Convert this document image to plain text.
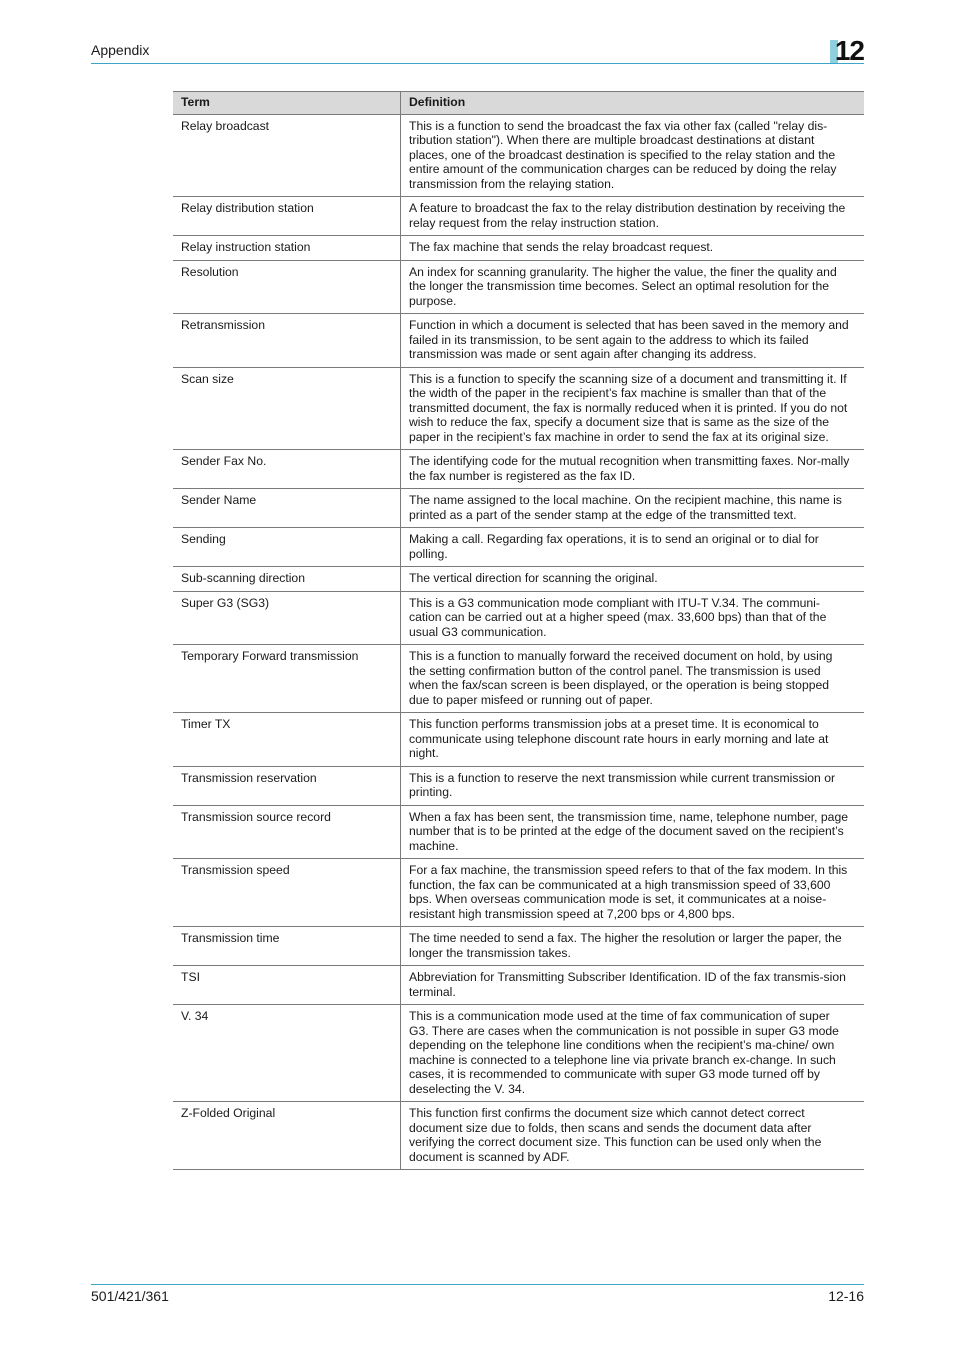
Appendix	12
Term	Definition
Relay broadcast	This is a function to send the broadcast the fax via other fax (called "relay dis-tribution station"). When there are multiple broadcast destinations at distant places, one of the broadcast destination is specified to the relay station and the entire amount of the communication charges can be reduced by doing the relay transmission from the relaying station.
Relay distribution station	A feature to broadcast the fax to the relay distribution destination by receiving the relay request from the relay instruction station.
Relay instruction station	The fax machine that sends the relay broadcast request.
Resolution	An index for scanning granularity. The higher the value, the finer the quality and the longer the transmission time becomes. Select an optimal resolution for the purpose.
Retransmission	Function in which a document is selected that has been saved in the memory and failed in its transmission, to be sent again to the address to which its failed transmission was made or sent again after changing its address.
Scan size	This is a function to specify the scanning size of a document and transmitting it. If the width of the paper in the recipient’s fax machine is smaller than that of the transmitted document, the fax is normally reduced when it is printed. If you do not wish to reduce the fax, specify a document size that is same as the size of the paper in the recipient’s fax machine in order to send the fax at its original size.
Sender Fax No.	The identifying code for the mutual recognition when transmitting faxes. Nor-mally the fax number is registered as the fax ID.
Sender Name	The name assigned to the local machine. On the recipient machine, this name is printed as a part of the sender stamp at the edge of the transmitted text.
Sending	Making a call. Regarding fax operations, it is to send an original or to dial for polling.
Sub-scanning direction	The vertical direction for scanning the original.
Super G3 (SG3)	This is a G3 communication mode compliant with ITU-T V.34. The communi-cation can be carried out at a higher speed (max. 33,600 bps) than that of the usual G3 communication.
Temporary Forward transmission	This is a function to manually forward the received document on hold, by using the setting confirmation button of the control panel. The transmission is used when the fax/scan screen is been displayed, or the operation is being stopped due to paper misfeed or running out of paper.
Timer TX	This function performs transmission jobs at a preset time. It is economical to communicate using telephone discount rate hours in early morning and late at night.
Transmission reservation	This is a function to reserve the next transmission while current transmission or printing.
Transmission source record	When a fax has been sent, the transmission time, name, telephone number, page number that is to be printed at the edge of the document saved on the recipient’s machine.
Transmission speed	For a fax machine, the transmission speed refers to that of the fax modem. In this function, the fax can be communicated at a high transmission speed of 33,600 bps. When overseas communication mode is set, it communicates at a noise-resistant high transmission speed at 7,200 bps or 4,800 bps.
Transmission time	The time needed to send a fax. The higher the resolution or larger the paper, the longer the transmission takes.
TSI	Abbreviation for Transmitting Subscriber Identification. ID of the fax transmis-sion terminal.
V. 34	This is a communication mode used at the time of fax communication of super G3. There are cases when the communication is not possible in super G3 mode depending on the telephone line conditions when the recipient’s ma-chine/ own machine is connected to a telephone line via private branch ex-change. In such cases, it is recommended to communicate with super G3 mode turned off by deselecting the V. 34.
Z-Folded Original	This function first confirms the document size which cannot detect correct document size due to folds, then scans and sends the document data after verifying the correct document size. This function can be used only when the document is scanned by ADF.
501/421/361	12-16
